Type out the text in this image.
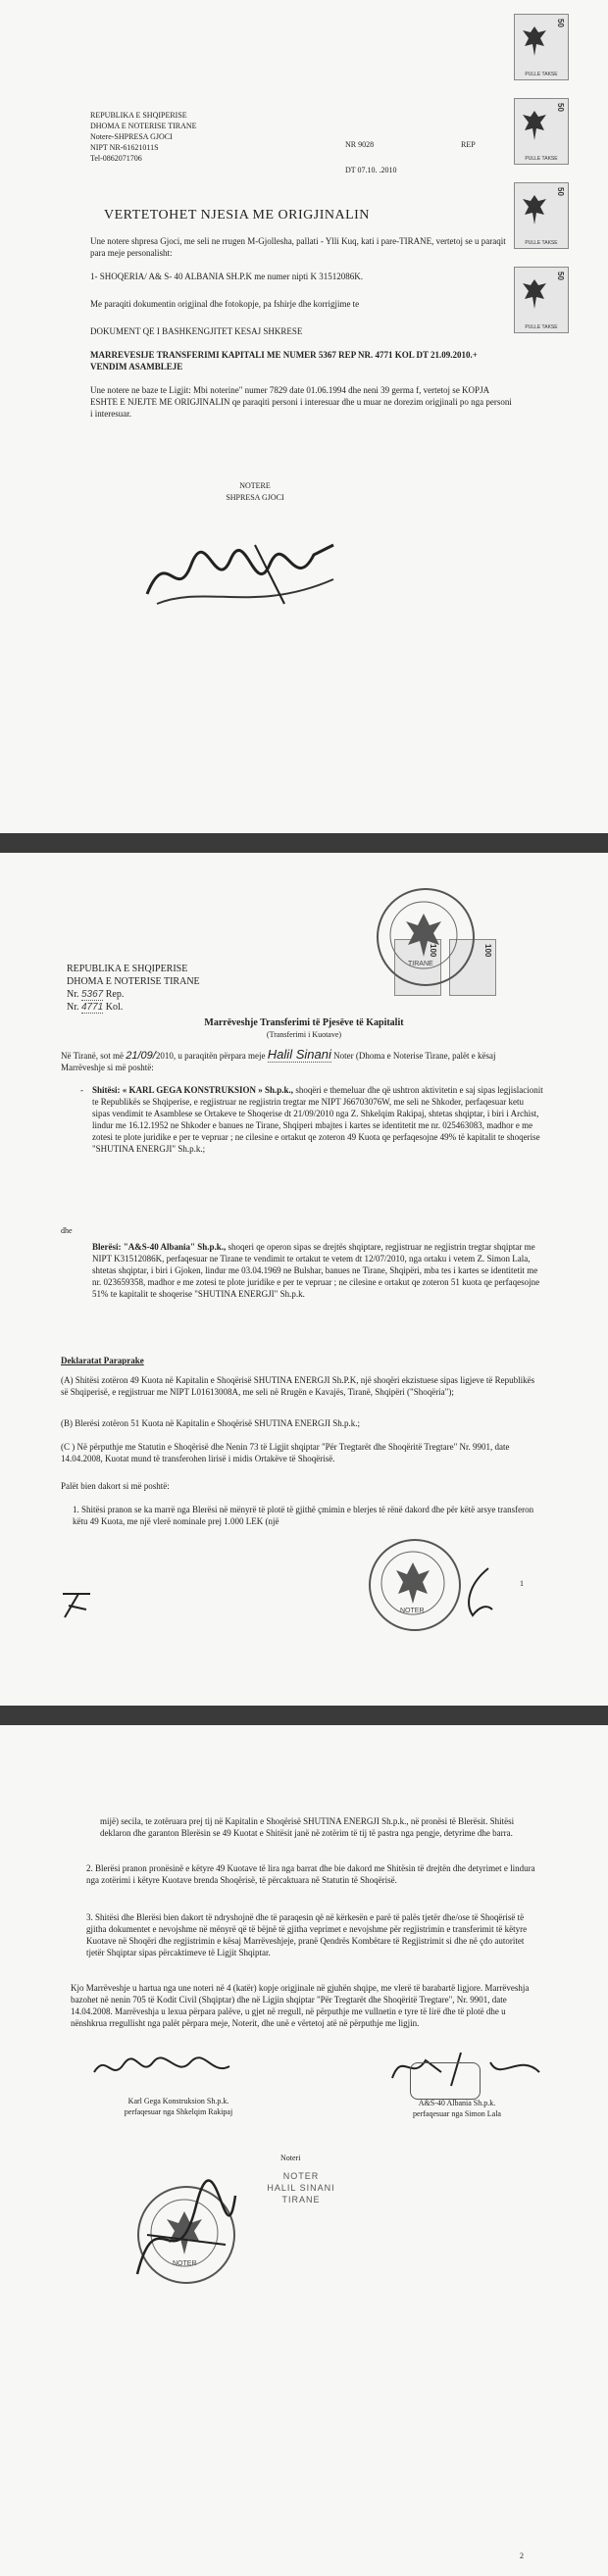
50
PULLE TAKSE
50
PULLE TAKSE
50
PULLE TAKSE
50
PULLE TAKSE
REPUBLIKA E SHQIPERISE
DHOMA E NOTERISE TIRANE
Notere-SHPRESA GJOCI
NIPT NR-61621011S
Tel-0862071706
NR 9028	REP
DT 07.10. .2010
VERTETOHET NJESIA ME ORIGJINALIN
Une notere shpresa Gjoci, me seli ne rrugen M-Gjollesha, pallati - Ylli Kuq, kati i pare-TIRANE, vertetoj se u paraqit para meje personalisht:
1- SHOQERIA/ A& S- 40 ALBANIA SH.P.K me numer nipti K 31512086K.
Me paraqiti dokumentin origjinal dhe fotokopje, pa fshirje dhe korrigjime te
DOKUMENT QE I BASHKENGJITET KESAJ SHKRESE
MARREVESIJE TRANSFERIMI KAPITALI ME NUMER 5367 REP NR. 4771 KOL DT 21.09.2010.+ VENDIM ASAMBLEJE
Une notere ne baze te Ligjit: Mbi noterine" numer 7829 date 01.06.1994 dhe neni 39 germa f, vertetoj se KOPJA ESHTE E NJEJTE ME ORIGJINALIN qe paraqiti personi i interesuar dhe u muar ne dorezim origjinali po nga personi i interesuar.
NOTERE
SHPRESA GJOCI
REPUBLIKA E SHQIPERISE
DHOMA E NOTERISE TIRANE
Nr. 5367 Rep.
Nr. 4771 Kol.
100	100
TIRANE
Marrëveshje Transferimi të Pjesëve të Kapitalit
(Transferimi i Kuotave)
Në Tiranë, sot më 21/09/2010, u paraqitën përpara meje Halil Sinani Noter (Dhoma e Noterise Tirane, palët e kësaj Marrëveshje si më poshtë:
Shitësi: « KARL GEGA KONSTRUKSION » Sh.p.k., shoqëri e themeluar dhe që ushtron aktivitetin e saj sipas legjislacionit te Republikës se Shqiperise, e regjistruar ne regjistrin tregtar me NIPT J66703076W, me seli ne Shkoder, perfaqesuar ketu sipas vendimit te Asamblese se Ortakeve te Shoqerise dt 21/09/2010 nga Z. Shkelqim Rakipaj, shtetas shqiptar, i biri i Archist, lindur me 16.12.1952 ne Shkoder e banues ne Tirane, Shqiperi mbajtes i kartes se identitetit me nr. 025463083, madhor e me zotesi te plote juridike e per te vepruar ; ne cilesine e ortakut qe zoteron 49 Kuota qe perfaqesojne 49% të kapitalit te shoqerise "SHUTINA ENERGJI" Sh.p.k.;
dhe
Blerësi: "A&S-40 Albania" Sh.p.k., shoqeri qe operon sipas se drejtës shqiptare, regjistruar ne regjistrin tregtar shqiptar me NIPT K31512086K, perfaqesuar ne Tirane te vendimit te ortakut te vetem dt 12/07/2010, nga ortaku i vetem Z. Simon Lala, shtetas shqiptar, i biri i Gjoken, lindur me 03.04.1969 ne Bulshar, banues ne Tirane, Shqipëri, mba tes i kartes se identitetit me nr. 023659358, madhor e me zotesi te plote juridike e per te vepruar ; ne cilesine e ortakut qe zoteron 51 kuota qe perfaqesojne 51% te kapitalit te shoqerise "SHUTINA ENERGJI" Sh.p.k.
Deklaratat Paraprake
(A) Shitësi zotëron 49 Kuota në Kapitalin e Shoqërisë SHUTINA ENERGJI Sh.P.K, një shoqëri ekzistuese sipas ligjeve të Republikës së Shqiperisë, e regjistruar me NIPT L01613008A, me seli në Rrugën e Kavajës, Tiranë, Shqipëri ("Shoqëria");
(B) Blerësi zotëron 51 Kuota në Kapitalin e Shoqërisë SHUTINA ENERGJI Sh.p.k.;
(C ) Në përputhje me Statutin e Shoqërisë dhe Nenin 73 të Ligjit shqiptar "Për Tregtarët dhe Shoqëritë Tregtare" Nr. 9901, date 14.04.2008, Kuotat mund të transferohen lirisë i midis Ortakëve të Shoqërisë.
Palët bien dakort si më poshtë:
1. Shitësi pranon se ka marrë nga Blerësi në mënyrë të plotë të gjithë çmimin e blerjes të rënë dakord dhe për këtë arsye transferon këtu 49 Kuota, me një vlerë nominale prej 1.000 LEK (një
NOTER
1
mijë) secila, te zotëruara prej tij në Kapitalin e Shoqërisë SHUTINA ENERGJI Sh.p.k., në pronësi të Blerësit. Shitësi deklaron dhe garanton Blerësin se 49 Kuotat e Shitësit janë në zotërim të tij të pastra nga pengje, detyrime dhe barra.
2. Blerësi pranon pronësinë e këtyre 49 Kuotave të lira nga barrat dhe bie dakord me Shitësin të drejtën dhe detyrimet e lindura nga zotërimi i këtyre Kuotave brenda Shoqërisë, të përcaktuara në Statutin të Shoqërisë.
3. Shitësi dhe Blerësi bien dakort të ndryshojnë dhe të paraqesin që në kërkesën e parë të palës tjetër dhe/ose të Shoqërisë të gjitha dokumentet e nevojshme në mënyrë që të bëjnë të gjitha veprimet e nevojshme për regjistrimin e transferimit të këtyre Kuotave në Shoqëri dhe regjistrimin e kësaj Marrëveshjeje, pranë Qendrës Kombëtare të Regjistrimit si dhe në çdo autoritet tjetër Shqiptar sipas përcaktimeve të Ligjit Shqiptar.
Kjo Marrëveshje u hartua nga une noteri në 4 (katër) kopje origjinale në gjuhën shqipe, me vlerë të barabartë ligjore. Marrëveshja bazohet në nenin 705 të Kodit Civil (Shqiptar) dhe në Ligjin shqiptar "Për Tregtarët dhe Shoqëritë Tregtare", Nr. 9901, date 14.04.2008. Marrëveshja u lexua përpara palëve, u gjet në rregull, në përputhje me vullnetin e tyre të lirë dhe të plotë dhe u nënshkrua rregullisht nga palët përpara meje, Noterit, dhe unë e vërtetoj atë në përputhje me ligjin.
Karl Gega Konstruksion Sh.p.k.
perfaqesuar nga Shkelqim Rakipaj
A&S-40 Albania Sh.p.k.
perfaqesuar nga Simon Lala
Noteri
NOTER
HALIL SINANI
TIRANE
NOTER
2
